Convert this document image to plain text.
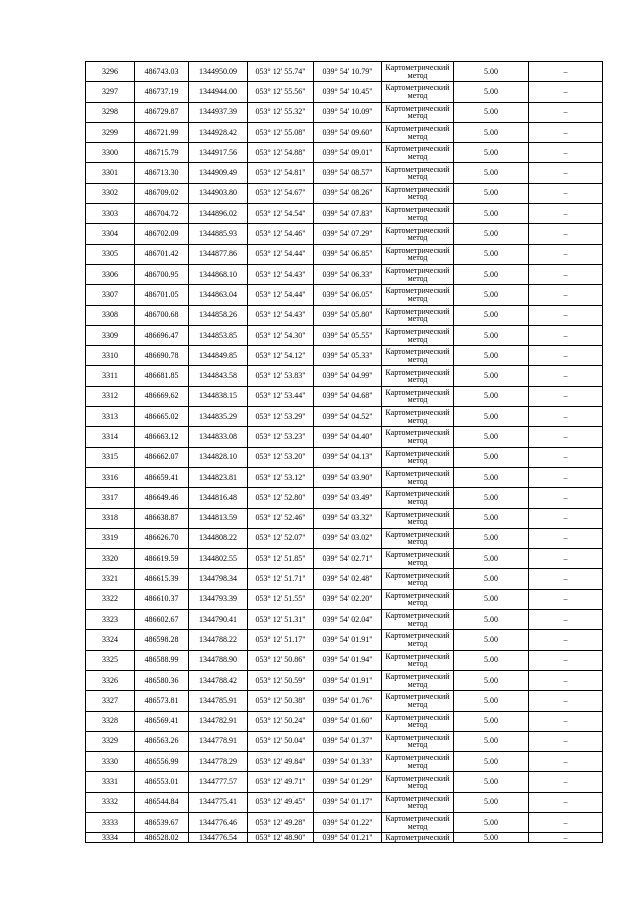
3296	486743.03	1344950.09	053° 12' 55.74"	039° 54' 10.79"	Картометрический метод	5.00	–
3297	486737.19	1344944.00	053° 12' 55.56"	039° 54' 10.45"	Картометрический метод	5.00	–
3298	486729.87	1344937.39	053° 12' 55.32"	039° 54' 10.09"	Картометрический метод	5.00	–
3299	486721.99	1344928.42	053° 12' 55.08"	039° 54' 09.60"	Картометрический метод	5.00	–
3300	486715.79	1344917.56	053° 12' 54.88"	039° 54' 09.01"	Картометрический метод	5.00	–
3301	486713.30	1344909.49	053° 12' 54.81"	039° 54' 08.57"	Картометрический метод	5.00	–
3302	486709.02	1344903.80	053° 12' 54.67"	039° 54' 08.26"	Картометрический метод	5.00	–
3303	486704.72	1344896.02	053° 12' 54.54"	039° 54' 07.83"	Картометрический метод	5.00	–
3304	486702.09	1344885.93	053° 12' 54.46"	039° 54' 07.29"	Картометрический метод	5.00	–
3305	486701.42	1344877.86	053° 12' 54.44"	039° 54' 06.85"	Картометрический метод	5.00	–
3306	486700.95	1344868.10	053° 12' 54.43"	039° 54' 06.33"	Картометрический метод	5.00	–
3307	486701.05	1344863.04	053° 12' 54.44"	039° 54' 06.05"	Картометрический метод	5.00	–
3308	486700.68	1344858.26	053° 12' 54.43"	039° 54' 05.80"	Картометрический метод	5.00	–
3309	486696.47	1344853.85	053° 12' 54.30"	039° 54' 05.55"	Картометрический метод	5.00	–
3310	486690.78	1344849.85	053° 12' 54.12"	039° 54' 05.33"	Картометрический метод	5.00	–
3311	486681.85	1344843.58	053° 12' 53.83"	039° 54' 04.99"	Картометрический метод	5.00	–
3312	486669.62	1344838.15	053° 12' 53.44"	039° 54' 04.68"	Картометрический метод	5.00	–
3313	486665.02	1344835.29	053° 12' 53.29"	039° 54' 04.52"	Картометрический метод	5.00	–
3314	486663.12	1344833.08	053° 12' 53.23"	039° 54' 04.40"	Картометрический метод	5.00	–
3315	486662.07	1344828.10	053° 12' 53.20"	039° 54' 04.13"	Картометрический метод	5.00	–
3316	486659.41	1344823.81	053° 12' 53.12"	039° 54' 03.90"	Картометрический метод	5.00	–
3317	486649.46	1344816.48	053° 12' 52.80"	039° 54' 03.49"	Картометрический метод	5.00	–
3318	486638.87	1344813.59	053° 12' 52.46"	039° 54' 03.32"	Картометрический метод	5.00	–
3319	486626.70	1344808.22	053° 12' 52.07"	039° 54' 03.02"	Картометрический метод	5.00	–
3320	486619.59	1344802.55	053° 12' 51.85"	039° 54' 02.71"	Картометрический метод	5.00	–
3321	486615.39	1344798.34	053° 12' 51.71"	039° 54' 02.48"	Картометрический метод	5.00	–
3322	486610.37	1344793.39	053° 12' 51.55"	039° 54' 02.20"	Картометрический метод	5.00	–
3323	486602.67	1344790.41	053° 12' 51.31"	039° 54' 02.04"	Картометрический метод	5.00	–
3324	486598.28	1344788.22	053° 12' 51.17"	039° 54' 01.91"	Картометрический метод	5.00	–
3325	486588.99	1344788.90	053° 12' 50.86"	039° 54' 01.94"	Картометрический метод	5.00	–
3326	486580.36	1344788.42	053° 12' 50.59"	039° 54' 01.91"	Картометрический метод	5.00	–
3327	486573.81	1344785.91	053° 12' 50.38"	039° 54' 01.76"	Картометрический метод	5.00	–
3328	486569.41	1344782.91	053° 12' 50.24"	039° 54' 01.60"	Картометрический метод	5.00	–
3329	486563.26	1344778.91	053° 12' 50.04"	039° 54' 01.37"	Картометрический метод	5.00	–
3330	486556.99	1344778.29	053° 12' 49.84"	039° 54' 01.33"	Картометрический метод	5.00	–
3331	486553.01	1344777.57	053° 12' 49.71"	039° 54' 01.29"	Картометрический метод	5.00	–
3332	486544.84	1344775.41	053° 12' 49.45"	039° 54' 01.17"	Картометрический метод	5.00	–
3333	486539.67	1344776.46	053° 12' 49.28"	039° 54' 01.22"	Картометрический метод	5.00	–
3334	486528.02	1344776.54	053° 12' 48.90"	039° 54' 01.21"	Картометрический	5.00	–
